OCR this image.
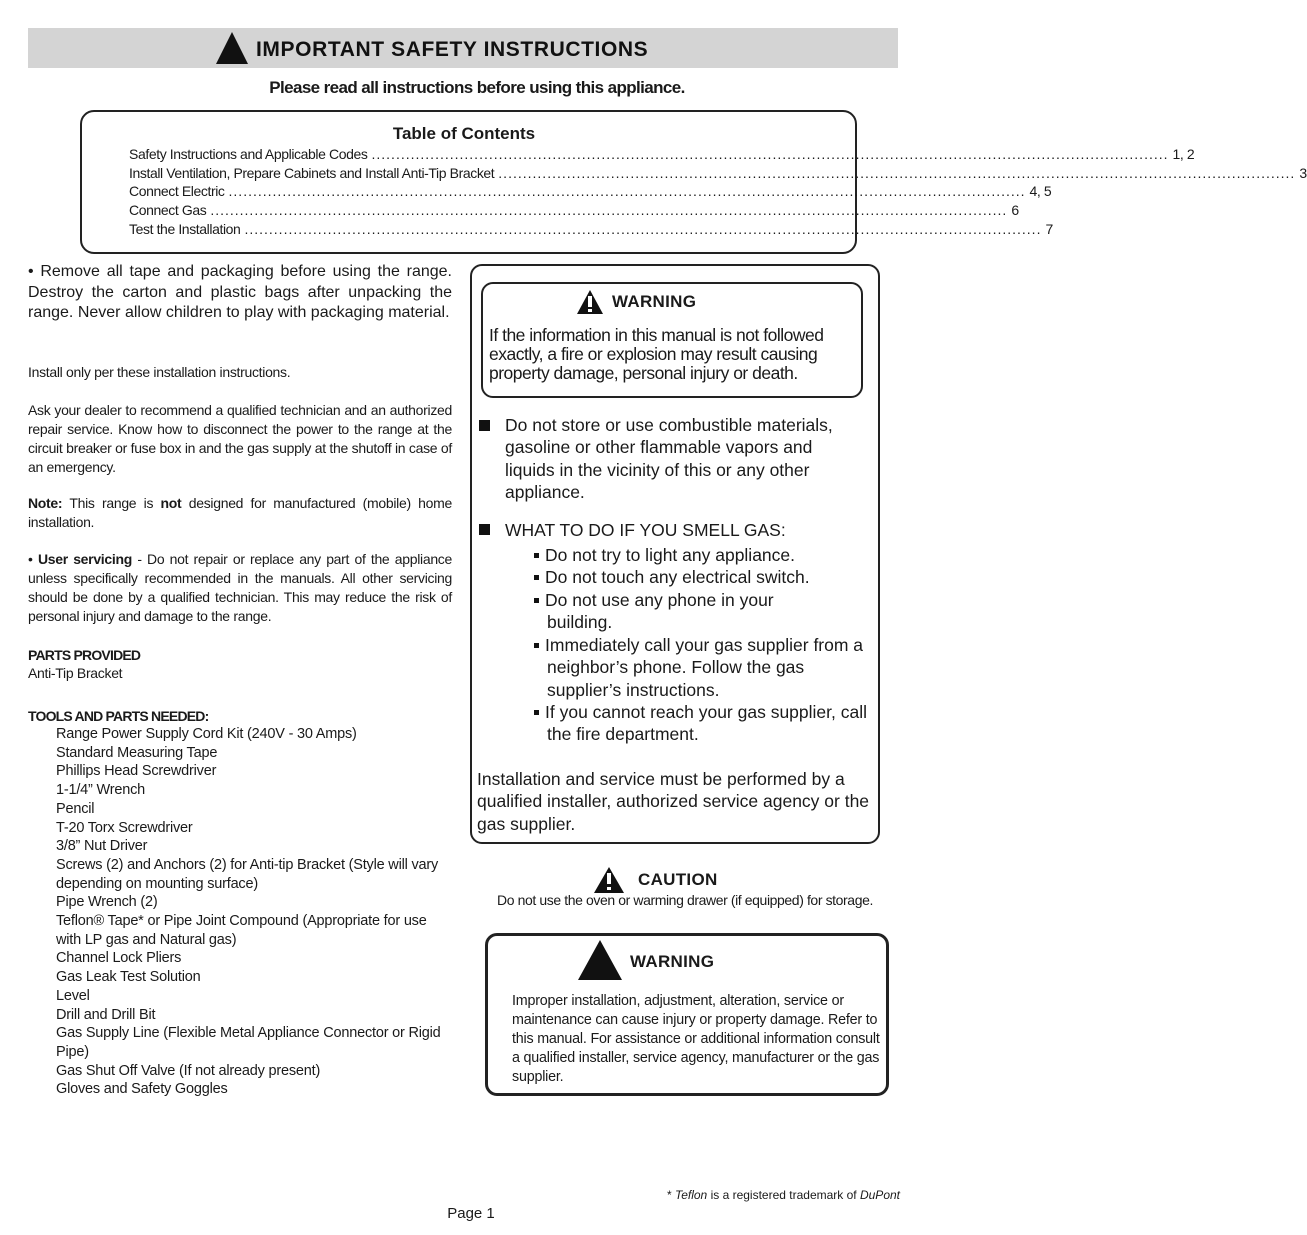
IMPORTANT SAFETY INSTRUCTIONS
Please read all instructions before using this appliance.
Table of Contents
Safety Instructions and Applicable Codes ................................................................................................................................................................... 1, 2
Install Ventilation, Prepare Cabinets and Install Anti-Tip Bracket ................................................................................................................................................................... 3
Connect Electric ................................................................................................................................................................... 4, 5
Connect Gas ................................................................................................................................................................... 6
Test the Installation ................................................................................................................................................................... 7
• Remove all tape and packaging before using the range. Destroy the carton and plastic bags after unpacking the range. Never allow children to play with packaging material.
Install only per these installation instructions.
Ask your dealer to recommend a qualified technician and an authorized repair service. Know how to disconnect the power to the range at the circuit breaker or fuse box in and the gas supply at the shutoff in case of an emergency.
Note: This range is not designed for manufactured (mobile) home installation.
• User servicing - Do not repair or replace any part of the appliance unless specifically recommended in the manuals. All other servicing should be done by a qualified technician. This may reduce the risk of personal injury and damage to the range.
PARTS PROVIDED
Anti-Tip Bracket
TOOLS AND PARTS NEEDED:
Range Power Supply Cord Kit (240V - 30 Amps)
Standard Measuring Tape
Phillips Head Screwdriver
1-1/4” Wrench
Pencil
T-20 Torx Screwdriver
3/8” Nut Driver
Screws (2) and Anchors (2) for Anti-tip Bracket (Style will vary depending on mounting surface)
Pipe Wrench (2)
Teflon® Tape* or Pipe Joint Compound (Appropriate for use with LP gas and Natural gas)
Channel Lock Pliers
Gas Leak Test Solution
Level
Drill and Drill Bit
Gas Supply Line (Flexible Metal Appliance Connector or Rigid Pipe)
Gas Shut Off Valve (If not already present)
Gloves and Safety Goggles
WARNING
If the information in this manual is not followed exactly, a fire or explosion may result causing property damage, personal injury or death.
Do not store or use combustible materials, gasoline or other flammable vapors and liquids in the vicinity of this or any other appliance.
WHAT TO DO IF YOU SMELL GAS:
Do not try to light any appliance.
Do not touch any electrical switch.
Do not use any phone in your building.
Immediately call your gas supplier from a neighbor’s phone. Follow the gas supplier’s instructions.
If you cannot reach your gas supplier, call the fire department.
Installation and service must be performed by a qualified installer, authorized service agency or the gas supplier.
CAUTION
Do not use the oven or warming drawer (if equipped) for storage.
WARNING
Improper installation, adjustment, alteration, service or maintenance can cause injury or property damage. Refer to this manual. For assistance or additional information consult a qualified installer, service agency, manufacturer or the gas supplier.
* Teflon is a registered trademark of DuPont
Page 1
